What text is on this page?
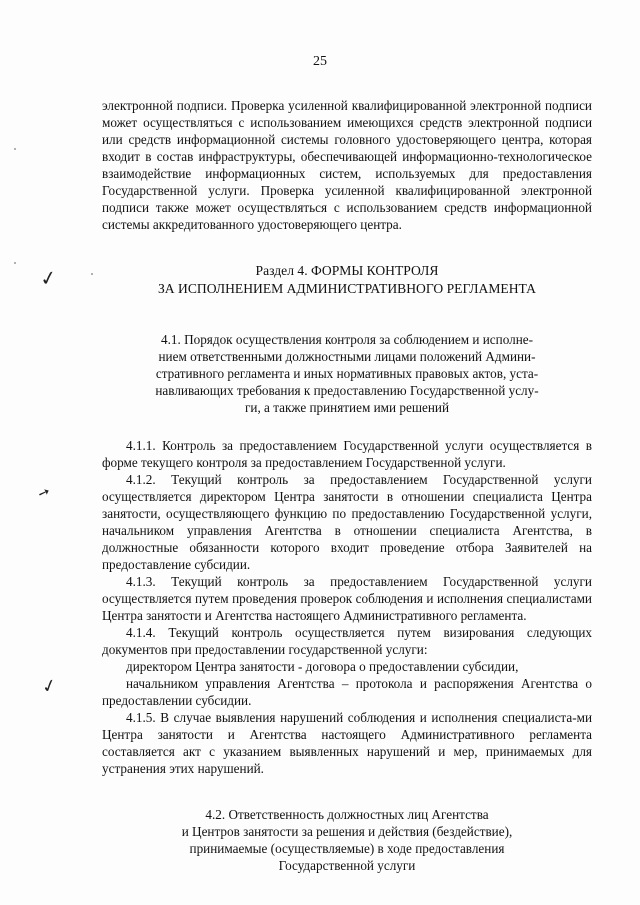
25
✓
➚
✓

электронной подписи. Проверка усиленной квалифицированной электронной подписи может осуществляться с использованием имеющихся средств электронной подписи или средств информационной системы головного удостоверяющего центра, которая входит в состав инфраструктуры, обеспечивающей информационно-технологическое взаимодействие информационных систем, используемых для предоставления Государственной услуги. Проверка усиленной квалифицированной электронной подписи также может осуществляться с использованием средств информационной системы аккредитованного удостоверяющего центра.

Раздел 4. ФОРМЫ КОНТРОЛЯ
ЗА ИСПОЛНЕНИЕМ АДМИНИСТРАТИВНОГО РЕГЛАМЕНТА
4.1. Порядок осуществления контроля за соблюдением и исполне-
нием ответственными должностными лицами положений Админи-
стративного регламента и иных нормативных правовых актов, уста-
навливающих требования к предоставлению Государственной услу-
ги, а также принятием ими решений

4.1.1. Контроль за предоставлением Государственной услуги осуществляется в форме текущего контроля за предоставлением Государственной услуги.

4.1.2. Текущий контроль за предоставлением Государственной услуги осуществляется директором Центра занятости в отношении специалиста Центра занятости, осуществляющего функцию по предоставлению Государственной услуги, начальником управления Агентства в отношении специалиста Агентства, в должностные обязанности которого входит проведение отбора Заявителей на предоставление субсидии.

4.1.3. Текущий контроль за предоставлением Государственной услуги осуществляется путем проведения проверок соблюдения и исполнения специалистами Центра занятости и Агентства настоящего Административного регламента.

4.1.4. Текущий контроль осуществляется путем визирования следующих документов при предоставлении государственной услуги:

директором Центра занятости - договора о предоставлении субсидии,

начальником управления Агентства – протокола и распоряжения Агентства о предоставлении субсидии.

4.1.5. В случае выявления нарушений соблюдения и исполнения специалиста-ми Центра занятости и Агентства настоящего Административного регламента составляется акт с указанием выявленных нарушений и мер, принимаемых для устранения этих нарушений.

4.2. Ответственность должностных лиц Агентства
и Центров занятости за решения и действия (бездействие),
принимаемые (осуществляемые) в ходе предоставления
Государственной услуги
